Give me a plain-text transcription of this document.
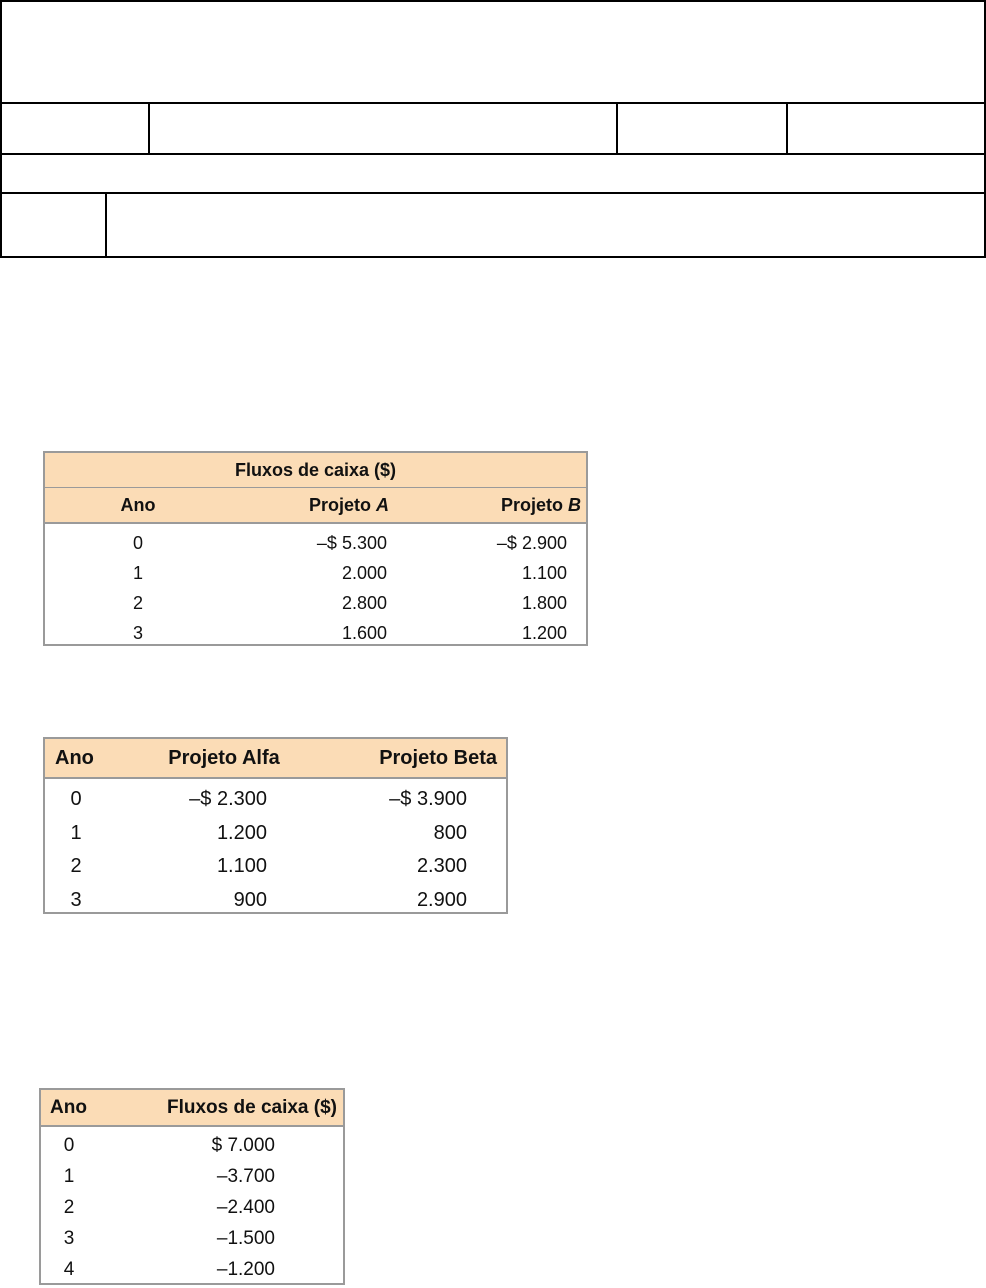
Fluxos de caixa ($)
Ano	Projeto A	Projeto B
0	–$ 5.300	–$ 2.900
1	2.000	1.100
2	2.800	1.800
3	1.600	1.200
Ano	Projeto Alfa	Projeto Beta
0	–$ 2.300	–$ 3.900
1	1.200	800
2	1.100	2.300
3	900	2.900
Ano	Fluxos de caixa ($)
0	$ 7.000
1	–3.700
2	–2.400
3	–1.500
4	–1.200
